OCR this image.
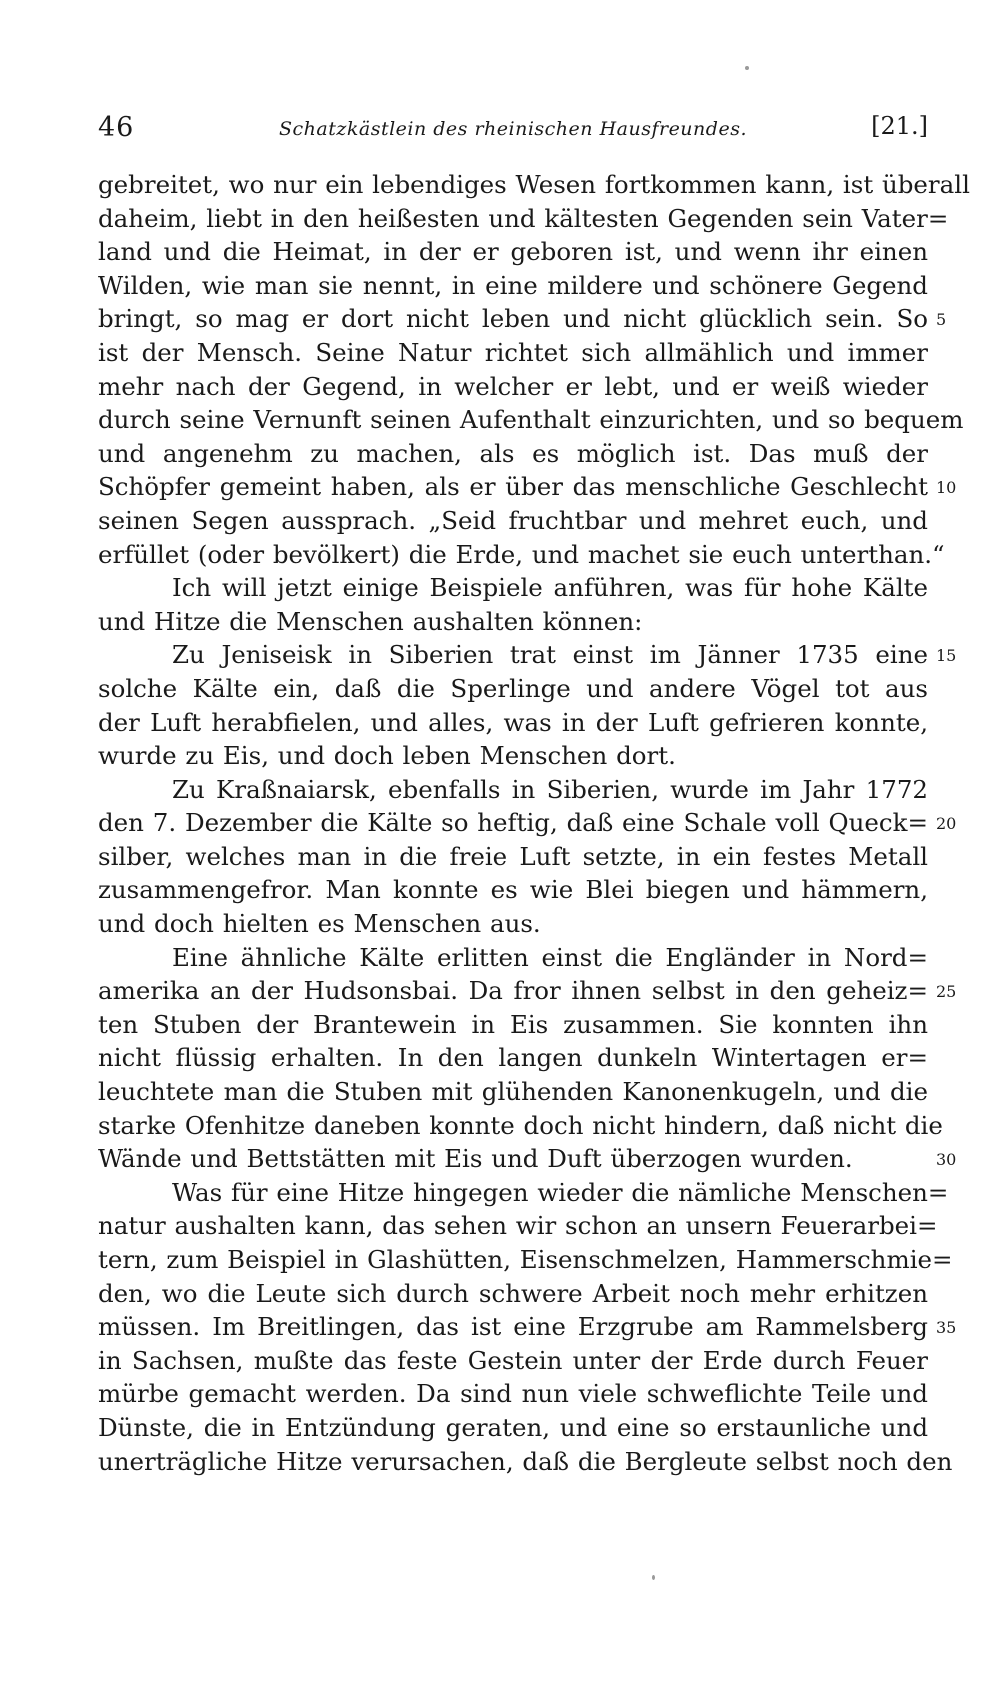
46	Schatzkästlein des rheinischen Hausfreundes.	[21.]
gebreitet, wo nur ein lebendiges Wesen fortkommen kann, ist überall
daheim, liebt in den heißesten und kältesten Gegenden sein Vater=
land und die Heimat, in der er geboren ist, und wenn ihr einen
Wilden, wie man sie nennt, in eine mildere und schönere Gegend
bringt, so mag er dort nicht leben und nicht glücklich sein. So 5
ist der Mensch. Seine Natur richtet sich allmählich und immer
mehr nach der Gegend, in welcher er lebt, und er weiß wieder
durch seine Vernunft seinen Aufenthalt einzurichten, und so bequem
und angenehm zu machen, als es möglich ist. Das muß der
Schöpfer gemeint haben, als er über das menschliche Geschlecht 10
seinen Segen aussprach. „Seid fruchtbar und mehret euch, und
erfüllet (oder bevölkert) die Erde, und machet sie euch unterthan.“
Ich will jetzt einige Beispiele anführen, was für hohe Kälte
und Hitze die Menschen aushalten können:
Zu Jeniseisk in Siberien trat einst im Jänner 1735 eine 15
solche Kälte ein, daß die Sperlinge und andere Vögel tot aus
der Luft herabfielen, und alles, was in der Luft gefrieren konnte,
wurde zu Eis, und doch leben Menschen dort.
Zu Kraßnaiarsk, ebenfalls in Siberien, wurde im Jahr 1772
den 7. Dezember die Kälte so heftig, daß eine Schale voll Queck= 20
silber, welches man in die freie Luft setzte, in ein festes Metall
zusammengefror. Man konnte es wie Blei biegen und hämmern,
und doch hielten es Menschen aus.
Eine ähnliche Kälte erlitten einst die Engländer in Nord=
amerika an der Hudsonsbai. Da fror ihnen selbst in den geheiz= 25
ten Stuben der Brantewein in Eis zusammen. Sie konnten ihn
nicht flüssig erhalten. In den langen dunkeln Wintertagen er=
leuchtete man die Stuben mit glühenden Kanonenkugeln, und die
starke Ofenhitze daneben konnte doch nicht hindern, daß nicht die
Wände und Bettstätten mit Eis und Duft überzogen wurden.	30
Was für eine Hitze hingegen wieder die nämliche Menschen=
natur aushalten kann, das sehen wir schon an unsern Feuerarbei=
tern, zum Beispiel in Glashütten, Eisenschmelzen, Hammerschmie=
den, wo die Leute sich durch schwere Arbeit noch mehr erhitzen
müssen. Im Breitlingen, das ist eine Erzgrube am Rammelsberg 35
in Sachsen, mußte das feste Gestein unter der Erde durch Feuer
mürbe gemacht werden. Da sind nun viele schweflichte Teile und
Dünste, die in Entzündung geraten, und eine so erstaunliche und
unerträgliche Hitze verursachen, daß die Bergleute selbst noch den
